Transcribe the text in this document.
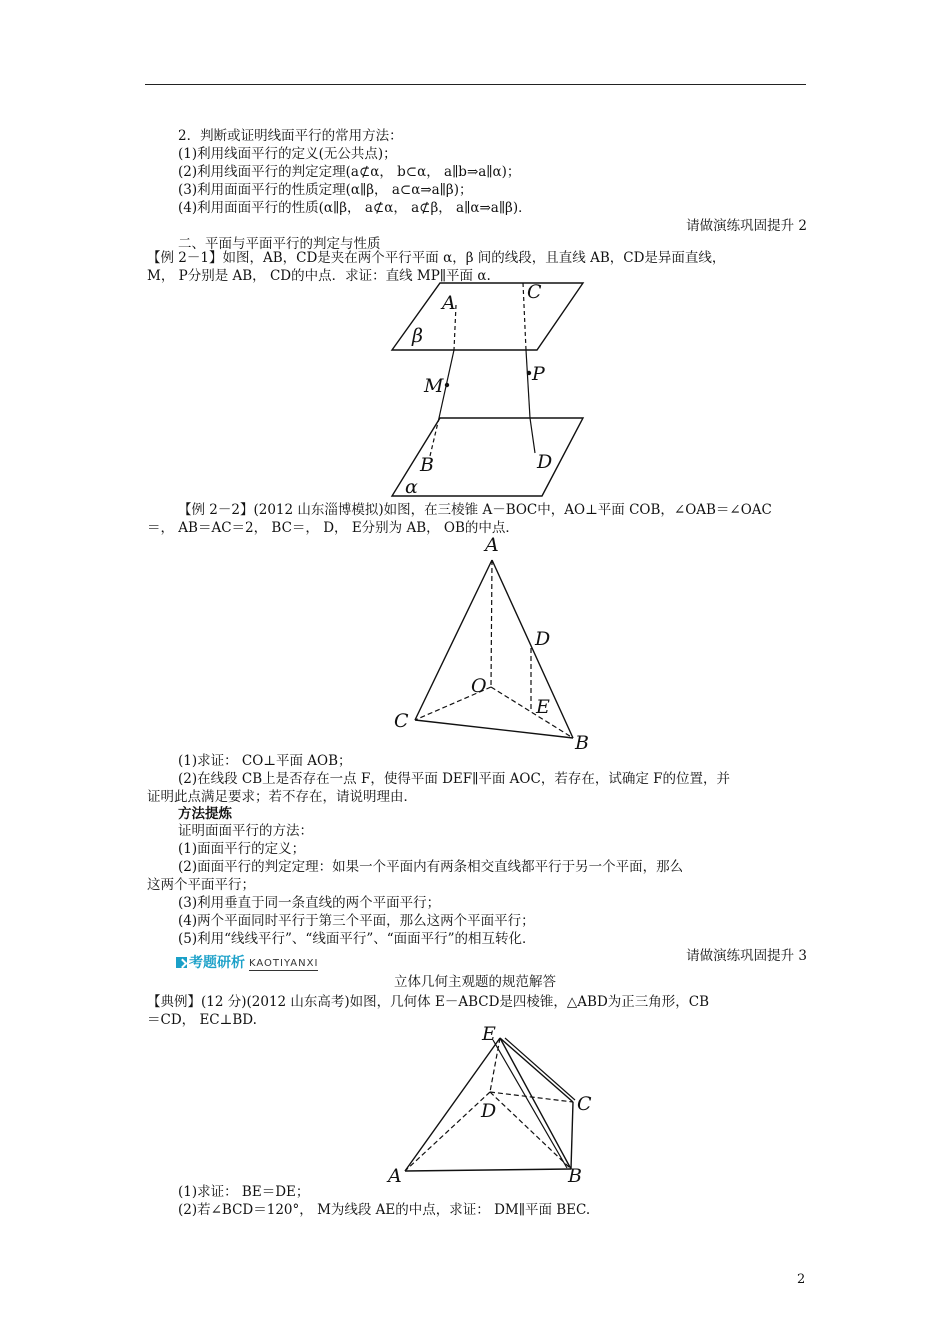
2．判断或证明线面平行的常用方法：
(1)利用线面平行的定义(无公共点)；
(2)利用线面平行的判定定理(a⊄α， b⊂α， a∥b⇒a∥α)；
(3)利用面面平行的性质定理(α∥β， a⊂α⇒a∥β)；
(4)利用面面平行的性质(α∥β， a⊄α， a⊄β， a∥α⇒a∥β)．
请做演练巩固提升 2
二、平面与平面平行的判定与性质
【例 2－1】如图，AB，CD是夹在两个平行平面 α，β 间的线段，且直线 AB，CD是异面直线，
M， P分别是 AB， CD的中点．求证：直线 MP∥平面 α.
A	C
β
M
P
B	D
α
【例 2－2】(2012 山东淄博模拟)如图，在三棱锥 A－BOC中，AO⊥平面 COB，∠OAB＝∠OAC
＝， AB＝AC＝2， BC＝， D， E分别为 AB， OB的中点．
A
D
O
E
C
B
(1)求证： CO⊥平面 AOB；
(2)在线段 CB上是否存在一点 F，使得平面 DEF∥平面 AOC，若存在，试确定 F的位置，并
证明此点满足要求；若不存在，请说明理由．
方法提炼
证明面面平行的方法：
(1)面面平行的定义；
(2)面面平行的判定定理：如果一个平面内有两条相交直线都平行于另一个平面，那么
这两个平面平行；
(3)利用垂直于同一条直线的两个平面平行；
(4)两个平面同时平行于第三个平面，那么这两个平面平行；
(5)利用“线线平行”、“线面平行”、“面面平行”的相互转化．
请做演练巩固提升 3
考题研析 KAOTIYANXI
立体几何主观题的规范解答
【典例】(12 分)(2012 山东高考)如图，几何体 E－ABCD是四棱锥，△ABD为正三角形，CB
＝CD， EC⊥BD.
E
D	C
A	B
(1)求证： BE＝DE；
(2)若∠BCD＝120°， M为线段 AE的中点，求证： DM∥平面 BEC.
2
